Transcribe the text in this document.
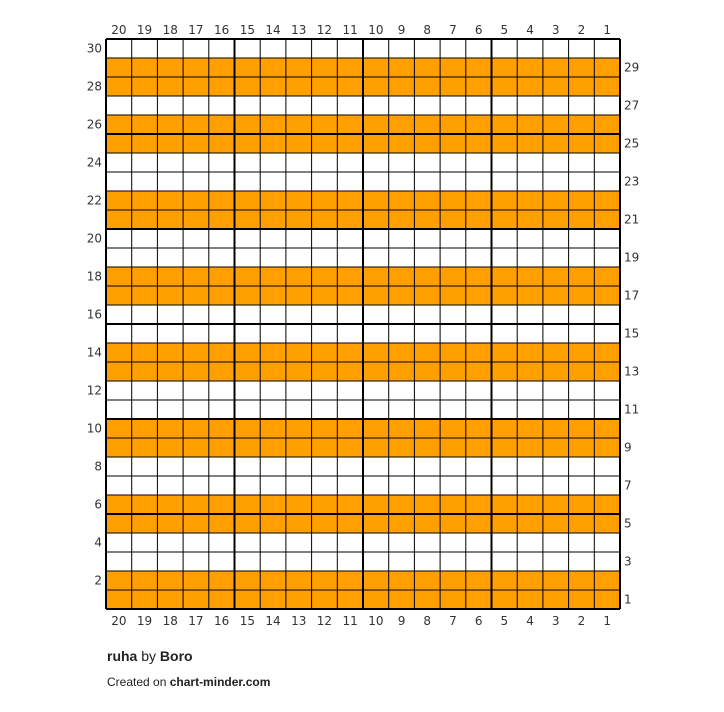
20
20
19
19
18
18
17
17
16
16
15
15
14
14
13
13
12
12
11
11
10
10
9
9
8
8
7
7
6
6
5
5
4
4
3
3
2
2
1
1
30
28
26
24
22
20
18
16
14
12
10
8
6
4
2
29
27
25
23
21
19
17
15
13
11
9
7
5
3
1
ruha by Boro
Created on chart-minder.com
